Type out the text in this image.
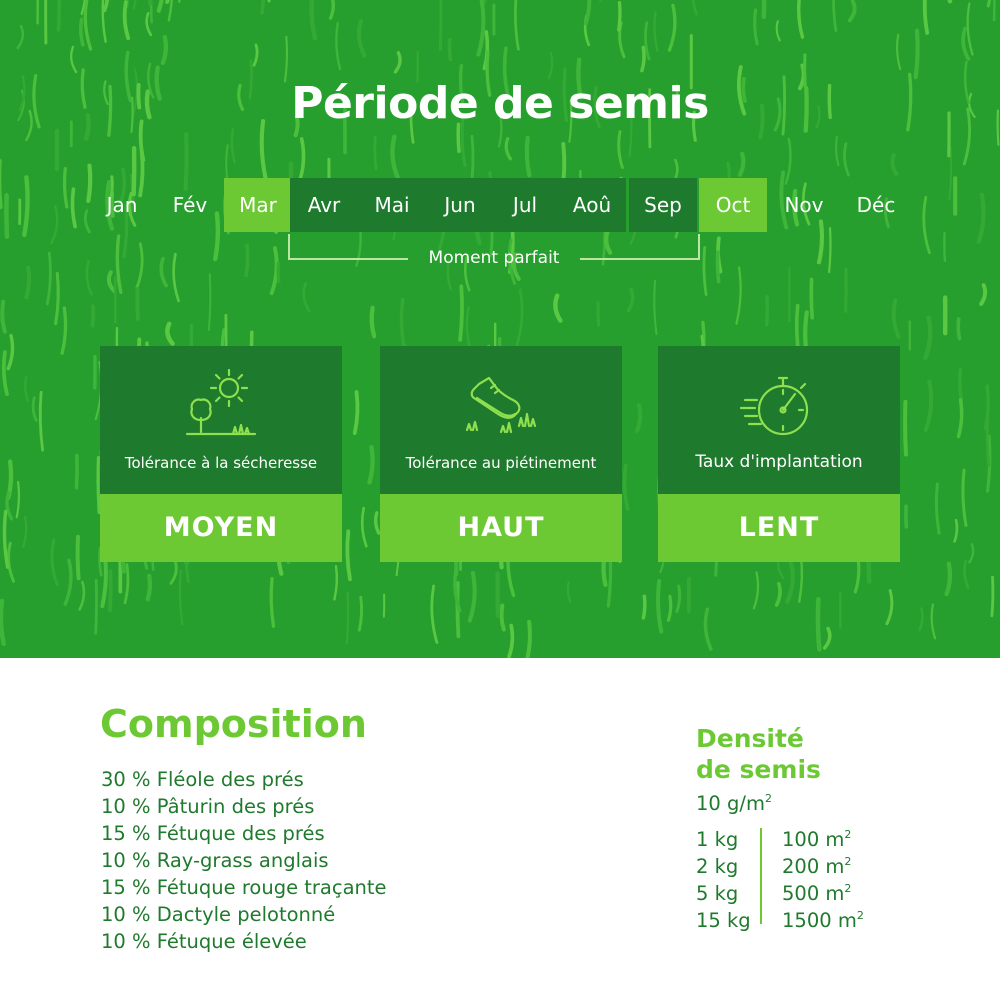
Période de semis
Jan	Fév	Mar	Avr	Mai	Jun	Jul	Aoû	Sep	Oct	Nov	Déc
Moment parfait
Tolérance à la sécheresse
MOYEN
Tolérance au piétinement
HAUT
Taux d'implantation
LENT
Composition
30 % Fléole des prés
10 % Pâturin des prés
15 % Fétuque des prés
10 % Ray-grass anglais
15 % Fétuque rouge traçante
10 % Dactyle pelotonné
10 % Fétuque élevée
Densité
de semis
10 $g/m^2$
1 kg 100 $m^2$
2 kg 200 $m^2$
5 kg 500 $m^2$
15 kg 1500 $m^2$
